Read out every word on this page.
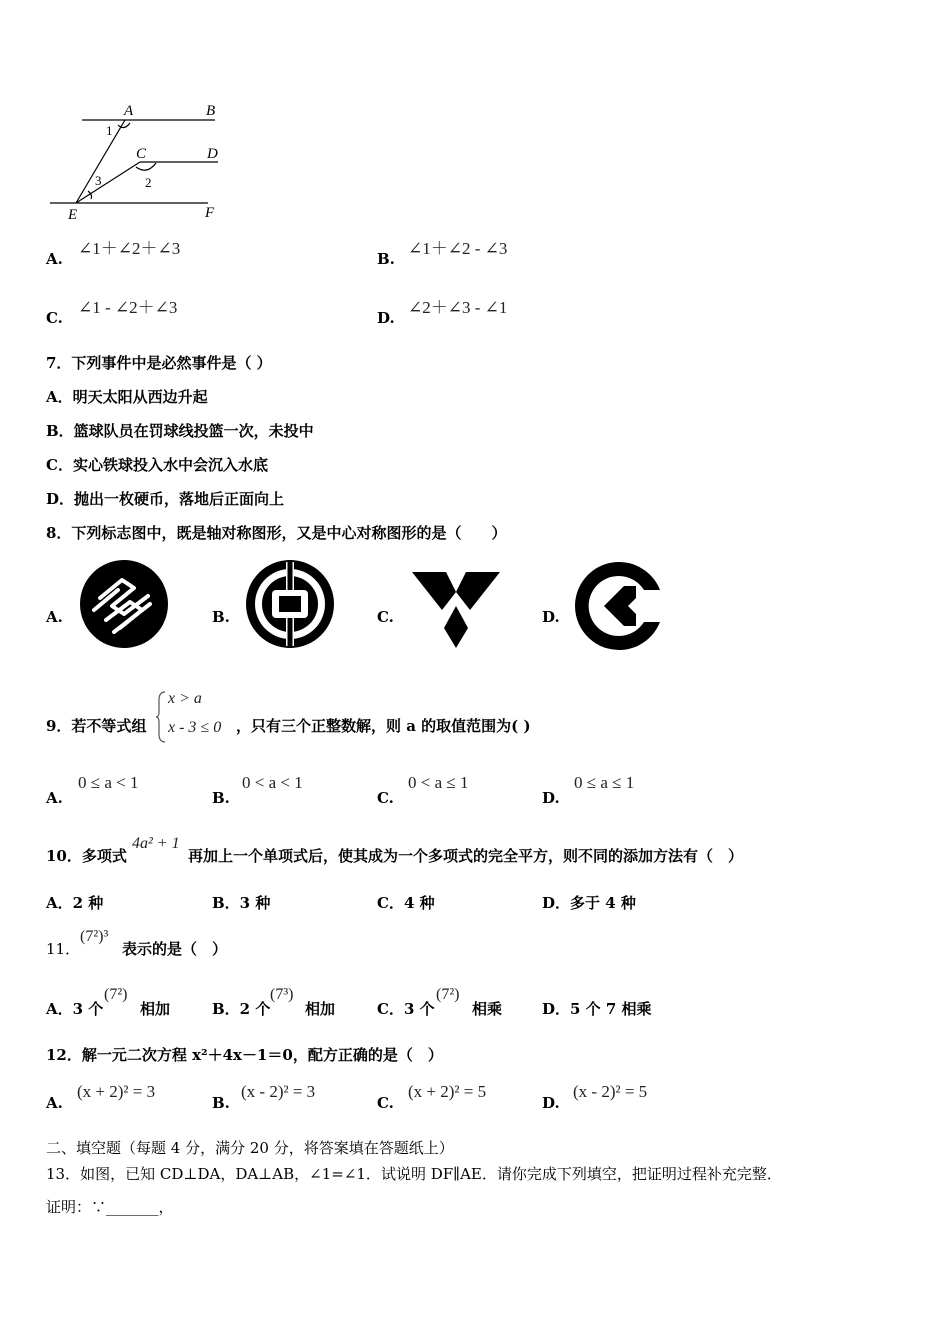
A	B
C	D
E	F
1
2
3
A.
∠1＋∠2＋∠3
B.
∠1＋∠2 - ∠3
C.
∠1 - ∠2＋∠3
D.
∠2＋∠3 - ∠1
7．下列事件中是必然事件是（ ）
A．明天太阳从西边升起
B．篮球队员在罚球线投篮一次，未投中
C．实心铁球投入水中会沉入水底
D．抛出一枚硬币，落地后正面向上
8．下列标志图中，既是轴对称图形，又是中心对称图形的是（　　）
A.	B.	C.	D.
9．若不等式组
x > a
x - 3 ≤ 0 ，只有三个正整数解，则 a 的取值范围为( )
A.
0 ≤ a < 1
B.
0 < a < 1
C.
0 < a ≤ 1
D.
0 ≤ a ≤ 1
10．多项式
4a² + 1
再加上一个单项式后，使其成为一个多项式的完全平方，则不同的添加方法有（　）
A．2 种	B．3 种	C．4 种	D．多于 4 种
11．
(7²)³
表示的是（　）
A．3 个
(7²)
相加	B．2 个
(7³)
相加	C．3 个
(7²)
相乘	D．5 个 7 相乘
12．解一元二次方程 x²＋4x－1＝0，配方正确的是（　）
A.
(x + 2)² = 3
B.
(x - 2)² = 3
C.
(x + 2)² = 5
D.
(x - 2)² = 5
二、填空题（每题 4 分，满分 20 分，将答案填在答题纸上）
13．如图，已知 CD⊥DA，DA⊥AB，∠1=∠1．试说明 DF∥AE．请你完成下列填空，把证明过程补充完整．
证明：∵_______，
